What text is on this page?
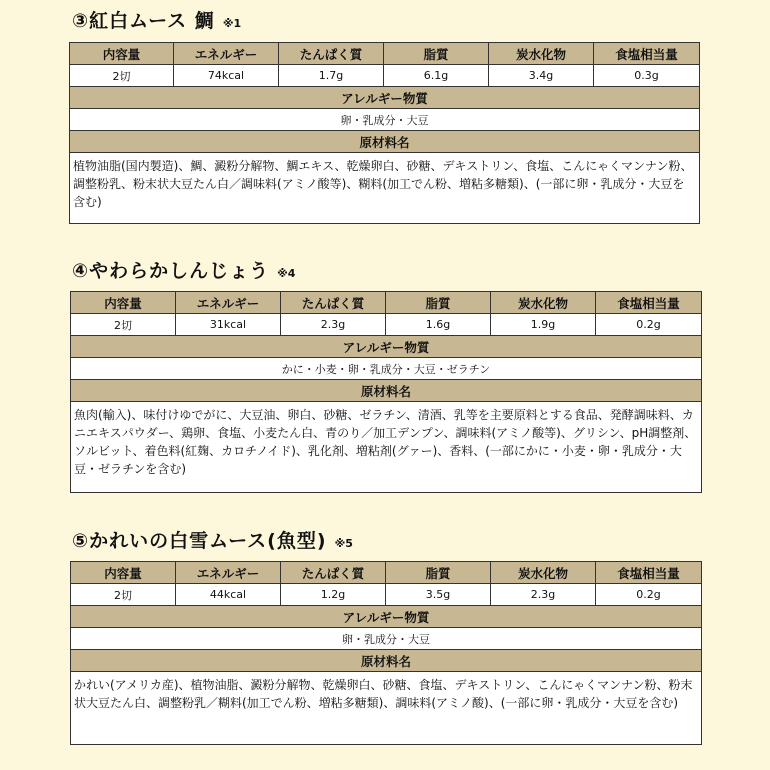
③紅白ムース 鯛 ※1
内容量	エネルギー	たんぱく質	脂質	炭水化物	食塩相当量
2切	74kcal	1.7g	6.1g	3.4g	0.3g
アレルギー物質					
卵・乳成分・大豆					
原材料名					
植物油脂(国内製造)、鯛、澱粉分解物、鯛エキス、乾燥卵白、砂糖、デキストリン、食塩、こんにゃくマンナン粉、調整粉乳、粉末状大豆たん白／調味料(アミノ酸等)、糊料(加工でん粉、増粘多糖類)、(一部に卵・乳成分・大豆を含む)					
④やわらかしんじょう ※4
内容量	エネルギー	たんぱく質	脂質	炭水化物	食塩相当量
2切	31kcal	2.3g	1.6g	1.9g	0.2g
アレルギー物質					
かに・小麦・卵・乳成分・大豆・ゼラチン					
原材料名					
魚肉(輸入)、味付けゆでがに、大豆油、卵白、砂糖、ゼラチン、清酒、乳等を主要原料とする食品、発酵調味料、カニエキスパウダー、鶏卵、食塩、小麦たん白、青のり／加工デンプン、調味料(アミノ酸等)、グリシン、pH調整剤、ソルビット、着色料(紅麹、カロチノイド)、乳化剤、増粘剤(グァー)、香料、(一部にかに・小麦・卵・乳成分・大豆・ゼラチンを含む)					
⑤かれいの白雪ムース(魚型) ※5
内容量	エネルギー	たんぱく質	脂質	炭水化物	食塩相当量
2切	44kcal	1.2g	3.5g	2.3g	0.2g
アレルギー物質					
卵・乳成分・大豆					
原材料名					
かれい(アメリカ産)、植物油脂、澱粉分解物、乾燥卵白、砂糖、食塩、デキストリン、こんにゃくマンナン粉、粉末状大豆たん白、調整粉乳／糊料(加工でん粉、増粘多糖類)、調味料(アミノ酸)、(一部に卵・乳成分・大豆を含む)					
